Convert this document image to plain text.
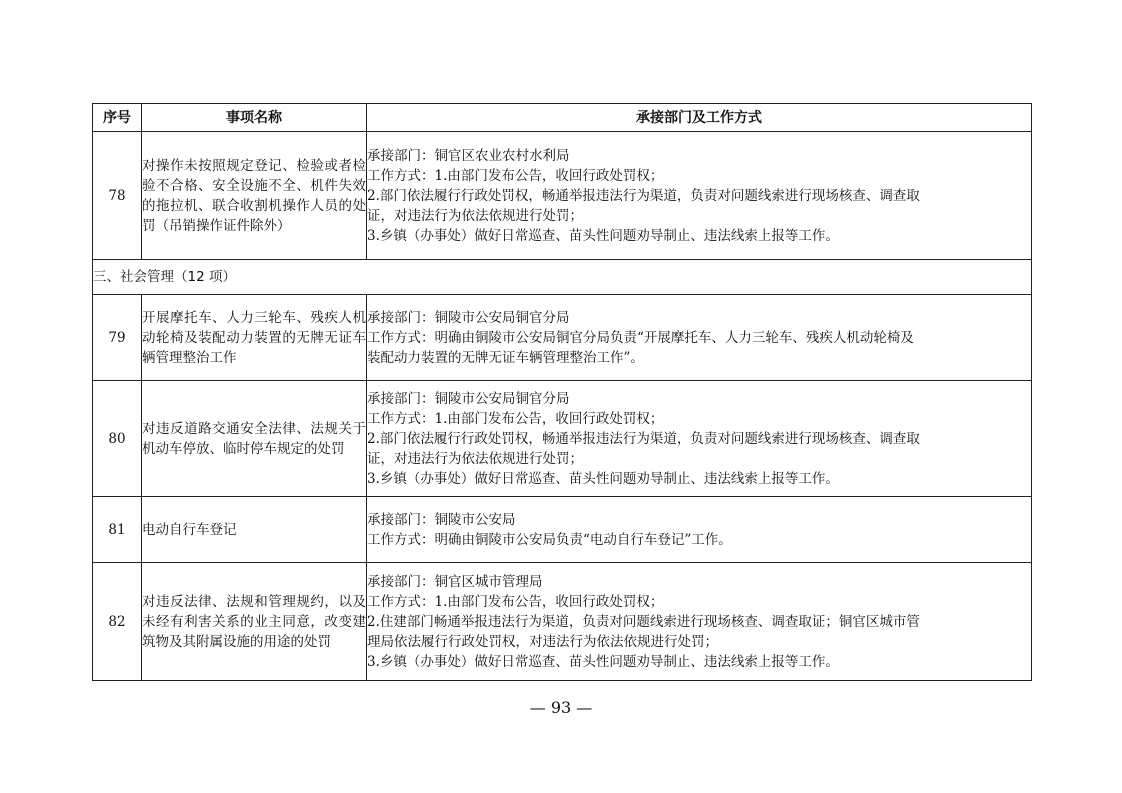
序号	事项名称	承接部门及工作方式
78	对操作未按照规定登记、检验或者检验不合格、安全设施不全、机件失效的拖拉机、联合收割机操作人员的处罚（吊销操作证件除外）	承接部门：铜官区农业农村水利局
工作方式：1.由部门发布公告，收回行政处罚权；
2.部门依法履行行政处罚权，畅通举报违法行为渠道，负责对问题线索进行现场核查、调查取
证，对违法行为依法依规进行处罚；
3.乡镇（办事处）做好日常巡查、苗头性问题劝导制止、违法线索上报等工作。

三、社会管理（12 项）		
79	开展摩托车、人力三轮车、残疾人机动轮椅及装配动力装置的无牌无证车辆管理整治工作	承接部门：铜陵市公安局铜官分局
工作方式：明确由铜陵市公安局铜官分局负责“开展摩托车、人力三轮车、残疾人机动轮椅及
装配动力装置的无牌无证车辆管理整治工作”。

80	对违反道路交通安全法律、法规关于机动车停放、临时停车规定的处罚	承接部门：铜陵市公安局铜官分局
工作方式：1.由部门发布公告，收回行政处罚权；
2.部门依法履行行政处罚权，畅通举报违法行为渠道，负责对问题线索进行现场核查、调查取
证，对违法行为依法依规进行处罚；
3.乡镇（办事处）做好日常巡查、苗头性问题劝导制止、违法线索上报等工作。

81	电动自行车登记	承接部门：铜陵市公安局
工作方式：明确由铜陵市公安局负责“电动自行车登记”工作。

82	对违反法律、法规和管理规约，以及未经有利害关系的业主同意，改变建筑物及其附属设施的用途的处罚	承接部门：铜官区城市管理局
工作方式：1.由部门发布公告，收回行政处罚权；
2.住建部门畅通举报违法行为渠道，负责对问题线索进行现场核查、调查取证；铜官区城市管
理局依法履行行政处罚权，对违法行为依法依规进行处罚；
3.乡镇（办事处）做好日常巡查、苗头性问题劝导制止、违法线索上报等工作。
— 93 —
